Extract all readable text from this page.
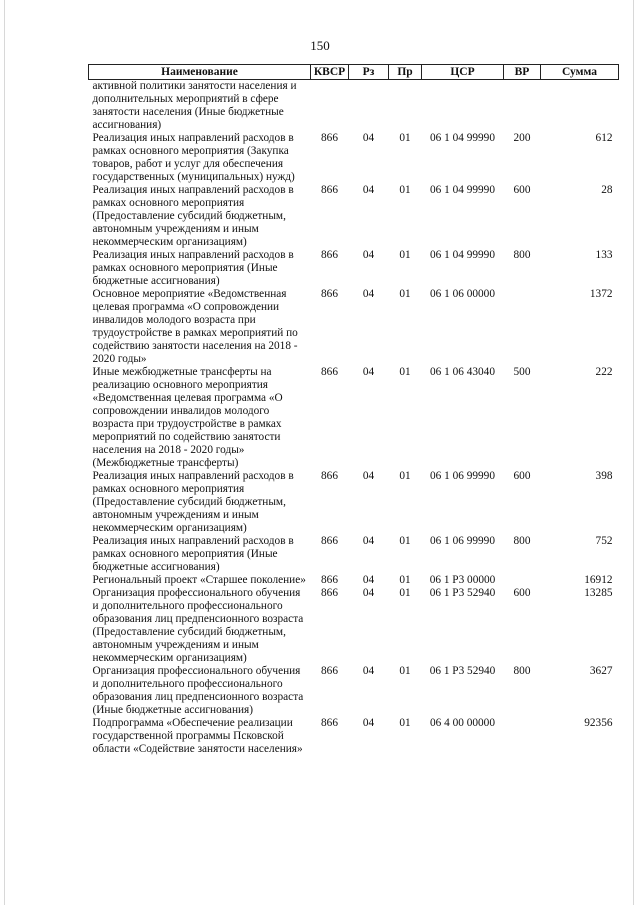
150
Наименование	КВСР	Рз	Пр	ЦСР	ВР	Сумма
активной политики занятости населения и дополнительных мероприятий в сфере занятости населения (Иные бюджетные ассигнования)						
Реализация иных направлений расходов в рамках основного мероприятия (Закупка товаров, работ и услуг для обеспечения государственных (муниципальных) нужд)	866	04	01	06 1 04 99990	200	612
Реализация иных направлений расходов в рамках основного мероприятия (Предоставление субсидий бюджетным, автономным учреждениям и иным некоммерческим организациям)	866	04	01	06 1 04 99990	600	28
Реализация иных направлений расходов в рамках основного мероприятия (Иные бюджетные ассигнования)	866	04	01	06 1 04 99990	800	133
Основное мероприятие «Ведомственная целевая программа «О сопровождении инвалидов молодого возраста при трудоустройстве в рамках мероприятий по содействию занятости населения на 2018 - 2020 годы»	866	04	01	06 1 06 00000		1372
Иные межбюджетные трансферты на реализацию основного мероприятия «Ведомственная целевая программа «О сопровождении инвалидов молодого возраста при трудоустройстве в рамках мероприятий по содействию занятости населения на 2018 - 2020 годы» (Межбюджетные трансферты)	866	04	01	06 1 06 43040	500	222
Реализация иных направлений расходов в рамках основного мероприятия (Предоставление субсидий бюджетным, автономным учреждениям и иным некоммерческим организациям)	866	04	01	06 1 06 99990	600	398
Реализация иных направлений расходов в рамках основного мероприятия (Иные бюджетные ассигнования)	866	04	01	06 1 06 99990	800	752
Региональный проект «Старшее поколение»	866	04	01	06 1 P3 00000		16912
Организация профессионального обучения и дополнительного профессионального образования лиц предпенсионного возраста (Предоставление субсидий бюджетным, автономным учреждениям и иным некоммерческим организациям)	866	04	01	06 1 P3 52940	600	13285
Организация профессионального обучения и дополнительного профессионального образования лиц предпенсионного возраста (Иные бюджетные ассигнования)	866	04	01	06 1 P3 52940	800	3627
Подпрограмма «Обеспечение реализации государственной программы Псковской области «Содействие занятости населения»	866	04	01	06 4 00 00000		92356
